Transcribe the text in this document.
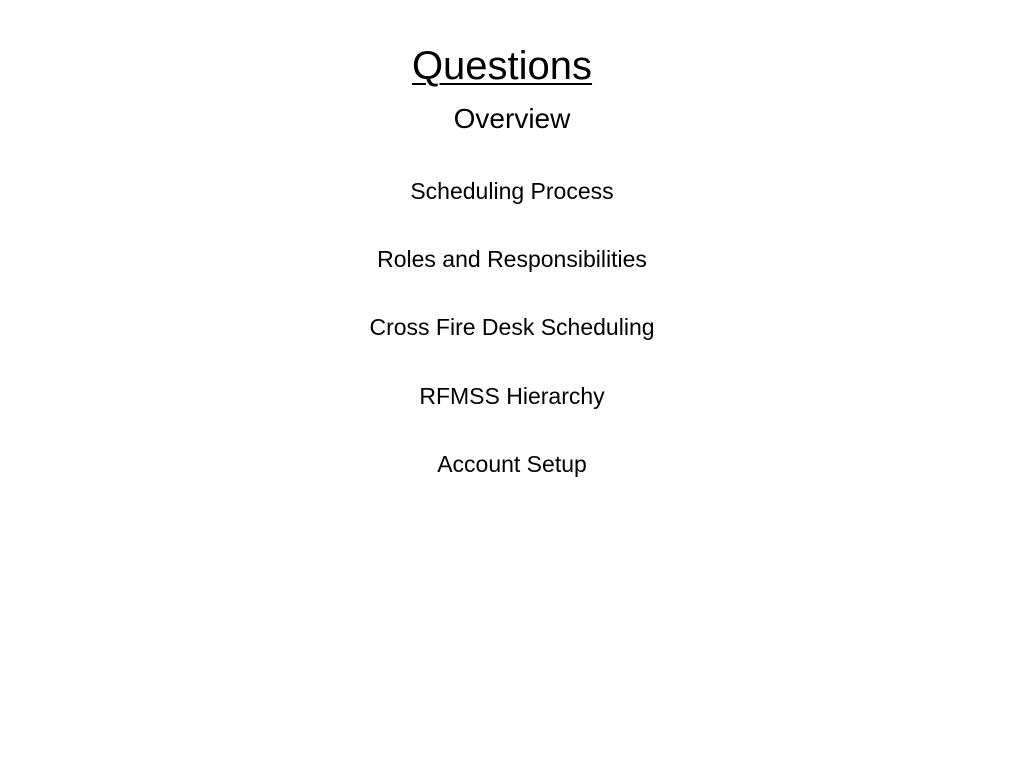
Questions

Overview

Scheduling Process

Roles and Responsibilities

Cross Fire Desk Scheduling

RFMSS Hierarchy

Account Setup
